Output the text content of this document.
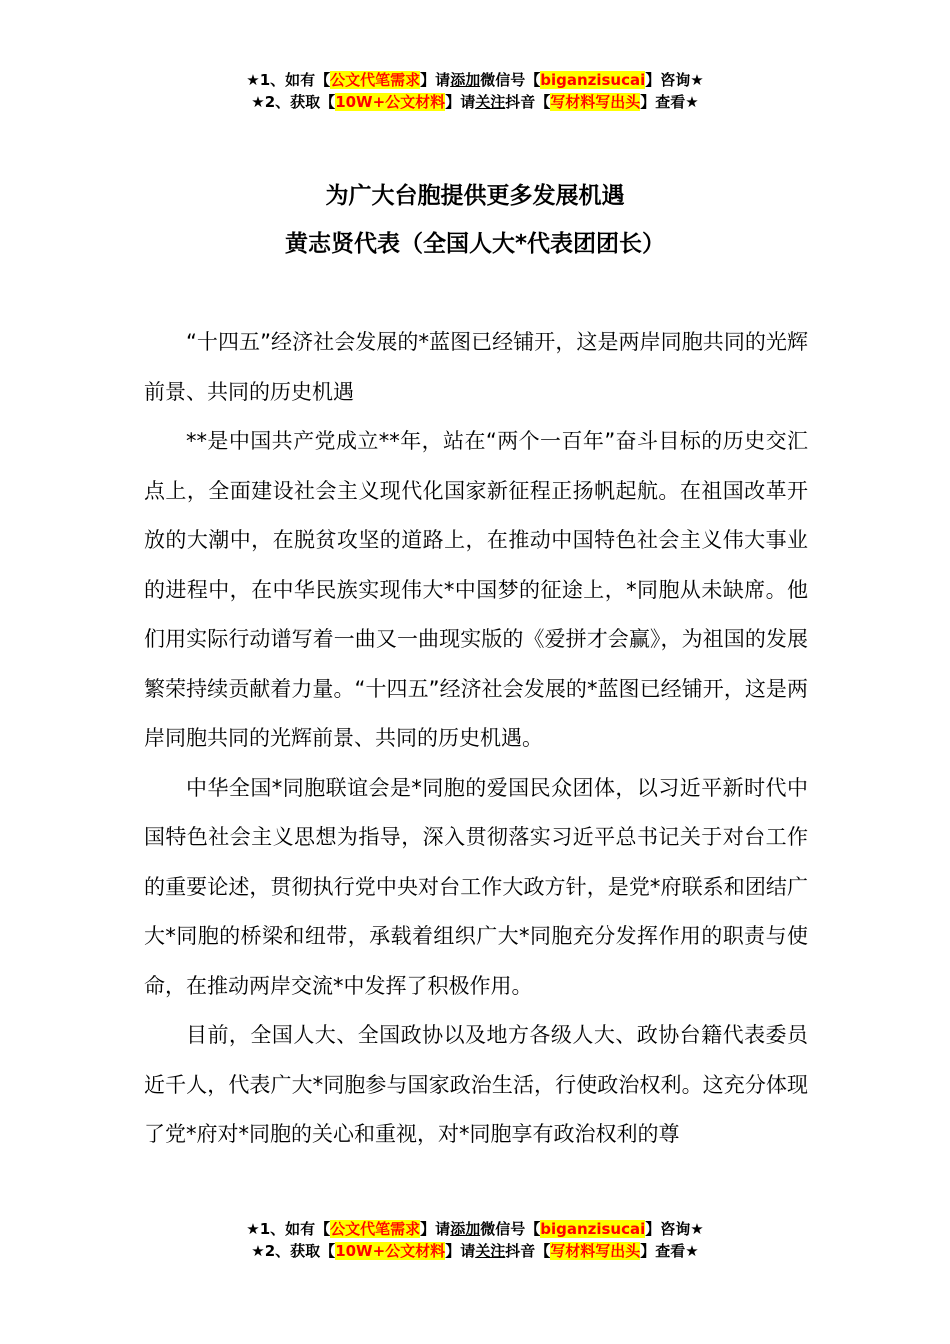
★1、如有【公文代笔需求】请添加微信号【biganzisucai】咨询★
★2、获取【10W+公文材料】请关注抖音【写材料写出头】查看★
为广大台胞提供更多发展机遇
黄志贤代表（全国人大*代表团团长）

“十四五”经济社会发展的*蓝图已经铺开，这是两岸同胞共同的光辉前景、共同的历史机遇

**是中国共产党成立**年，站在“两个一百年”奋斗目标的历史交汇点上，全面建设社会主义现代化国家新征程正扬帆起航。在祖国改革开放的大潮中，在脱贫攻坚的道路上，在推动中国特色社会主义伟大事业的进程中，在中华民族实现伟大*中国梦的征途上，*同胞从未缺席。他们用实际行动谱写着一曲又一曲现实版的《爱拼才会赢》，为祖国的发展繁荣持续贡献着力量。“十四五”经济社会发展的*蓝图已经铺开，这是两岸同胞共同的光辉前景、共同的历史机遇。

中华全国*同胞联谊会是*同胞的爱国民众团体，以习近平新时代中国特色社会主义思想为指导，深入贯彻落实习近平总书记关于对台工作的重要论述，贯彻执行党中央对台工作大政方针，是党*府联系和团结广大*同胞的桥梁和纽带，承载着组织广大*同胞充分发挥作用的职责与使命，在推动两岸交流*中发挥了积极作用。

目前，全国人大、全国政协以及地方各级人大、政协台籍代表委员近千人，代表广大*同胞参与国家政治生活，行使政治权利。这充分体现了党*府对*同胞的关心和重视，对*同胞享有政治权利的尊

★1、如有【公文代笔需求】请添加微信号【biganzisucai】咨询★
★2、获取【10W+公文材料】请关注抖音【写材料写出头】查看★
